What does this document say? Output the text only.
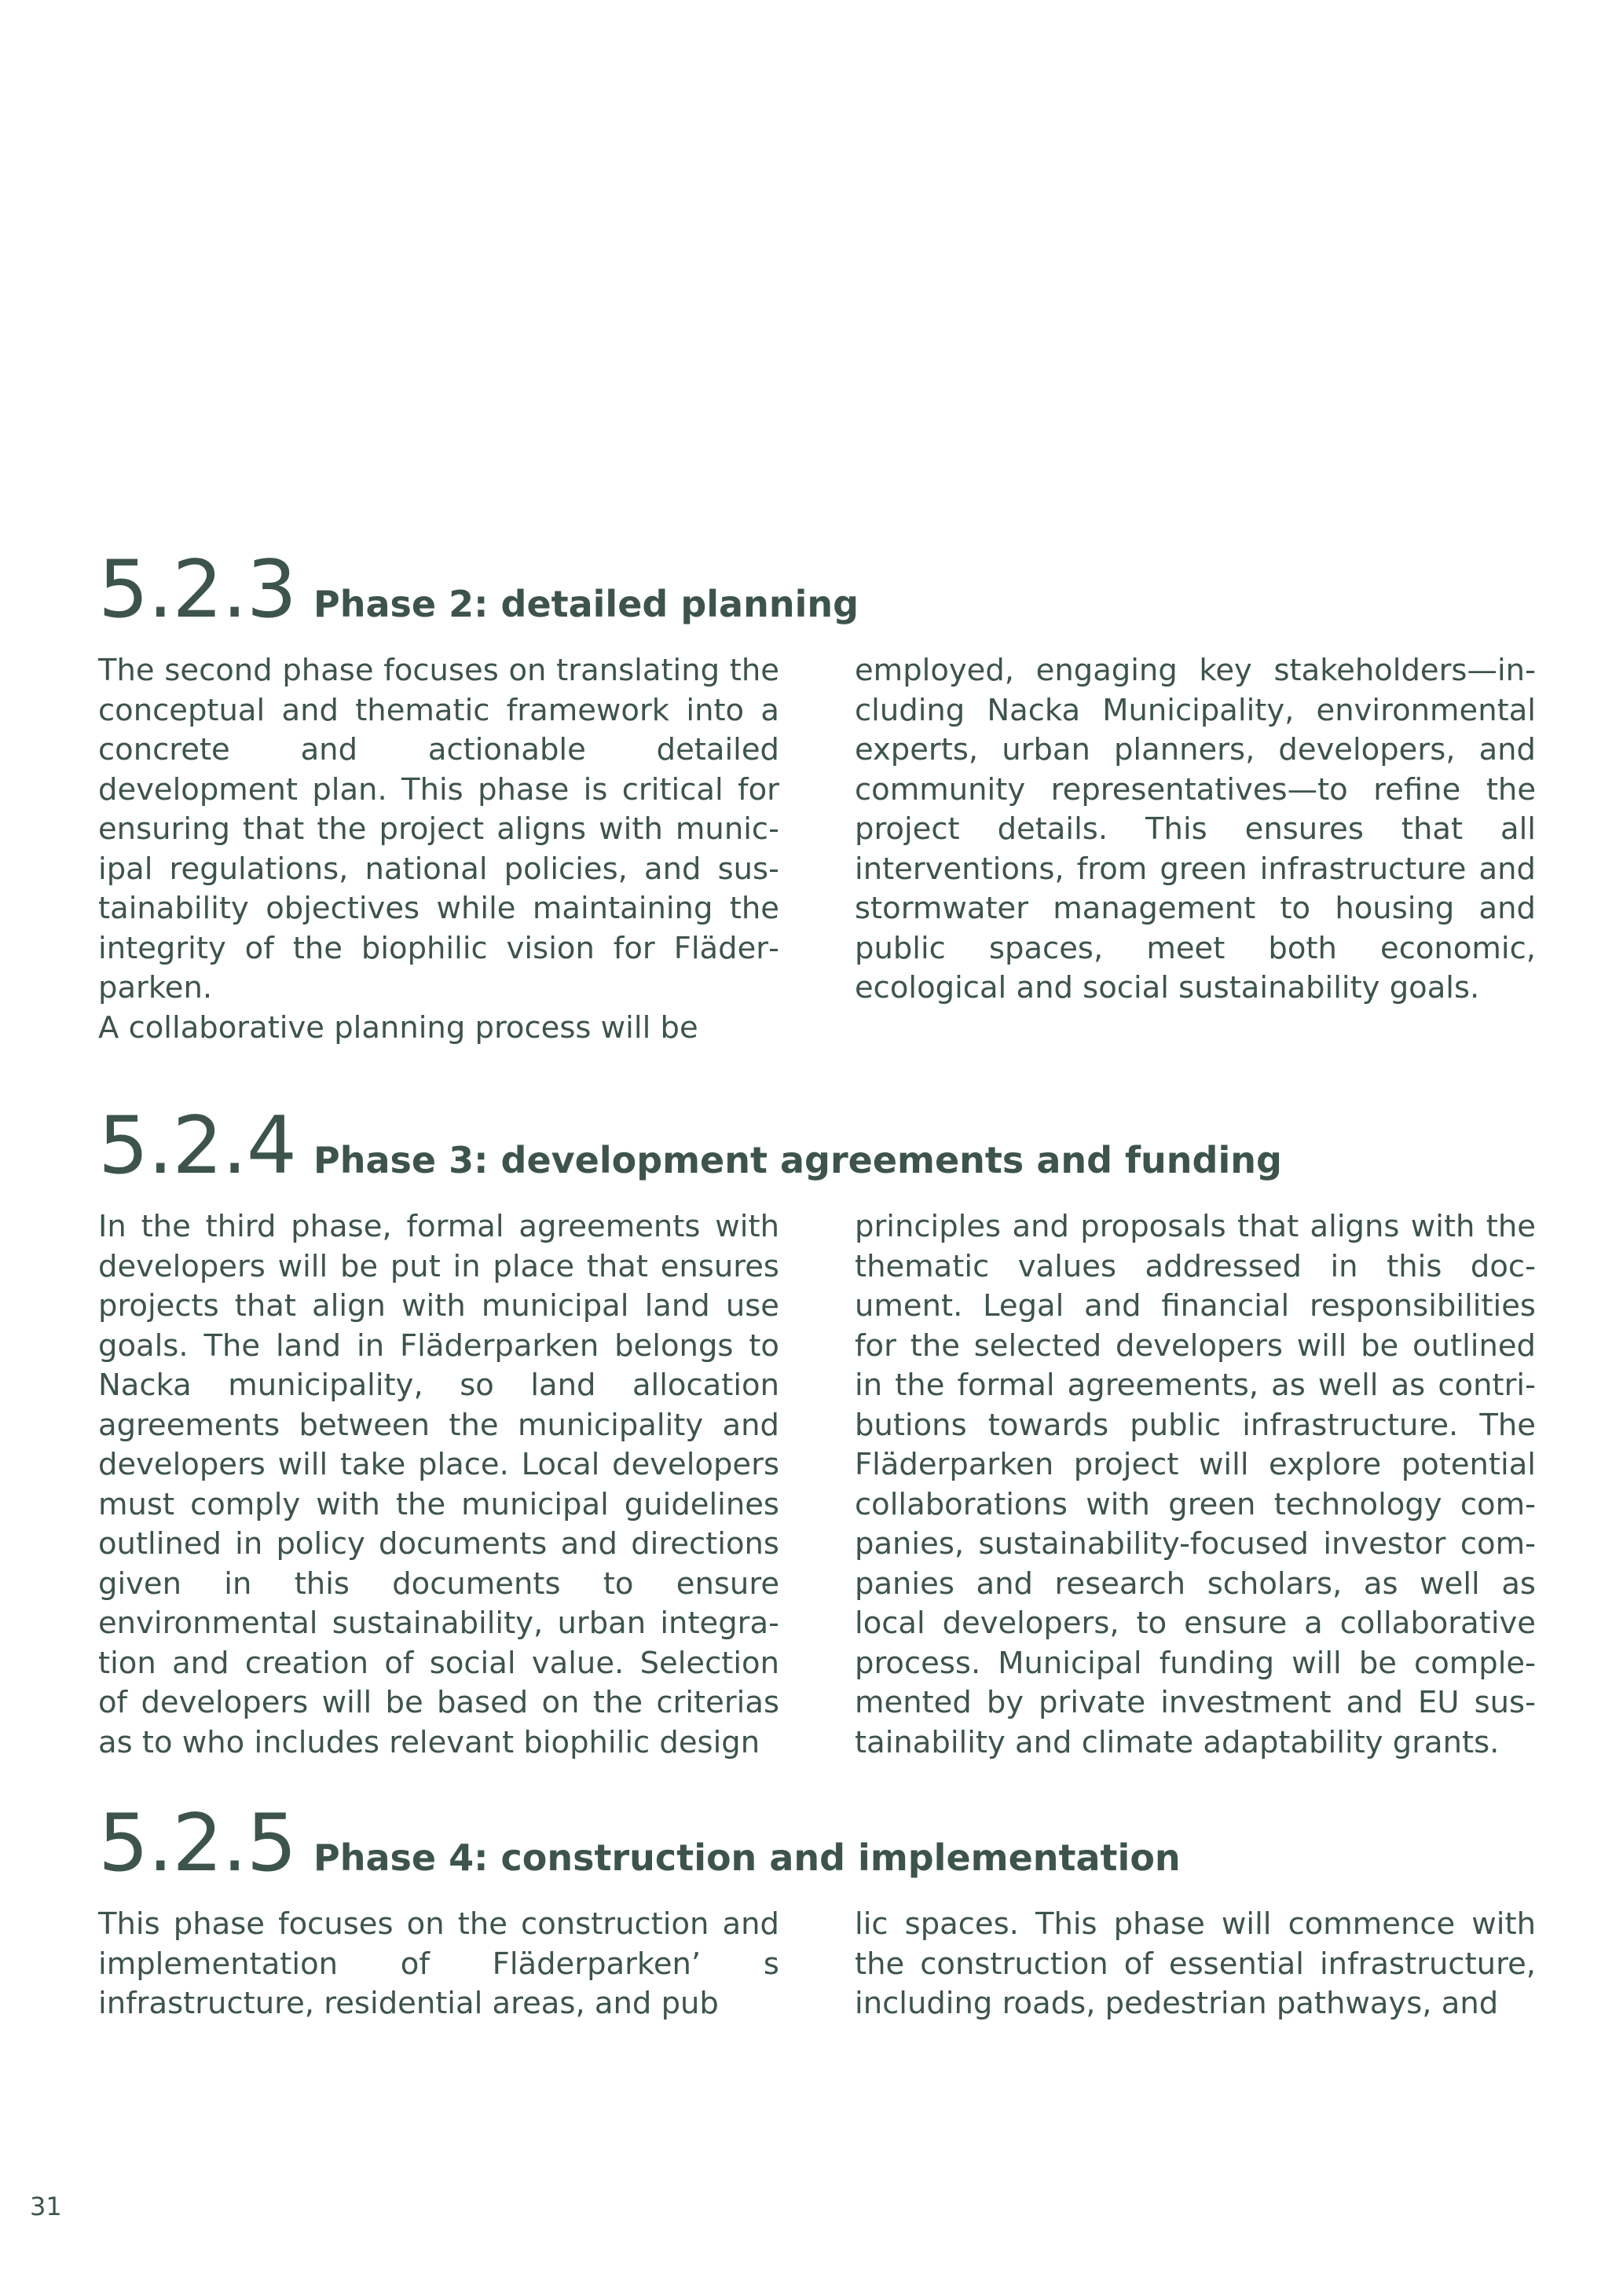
5.2.3 Phase 2: detailed planning

The second phase focuses on translating the conceptual and thematic framework into a concrete and actionable detailed development plan. This phase is critical for ensuring that the project aligns with municipal regulations, national policies, and sustainability objectives while maintaining the integrity of the biophilic vision for Fläderparken.

A collaborative planning process will be

employed, engaging key stakeholders—including Nacka Municipality, environmental experts, urban planners, developers, and community representatives—to refine the project details. This ensures that all interventions, from green infrastructure and stormwater management to housing and public spaces, meet both economic, ecological and social sustainability goals.

5.2.4 Phase 3: development agreements and funding

In the third phase, formal agreements with developers will be put in place that ensures projects that align with municipal land use goals. The land in Fläderparken belongs to Nacka municipality, so land allocation agreements between the municipality and developers will take place. Local developers must comply with the municipal guidelines outlined in policy documents and directions given in this documents to ensure environmental sustainability, urban integration and creation of social value. Selection of developers will be based on the criterias as to who includes relevant biophilic design

principles and proposals that aligns with the thematic values addressed in this document. Legal and financial responsibilities for the selected developers will be outlined in the formal agreements, as well as contributions towards public infrastructure. The Fläderparken project will explore potential collaborations with green technology companies, sustainability-focused investor companies and research scholars, as well as local developers, to ensure a collaborative process. Municipal funding will be complemented by private investment and EU sustainability and climate adaptability grants.

5.2.5 Phase 4: construction and implementation

This phase focuses on the construction and implementation of Fläderparken’ s infrastructure, residential areas, and pub

lic spaces. This phase will commence with the construction of essential infrastructure, including roads, pedestrian pathways, and

31
